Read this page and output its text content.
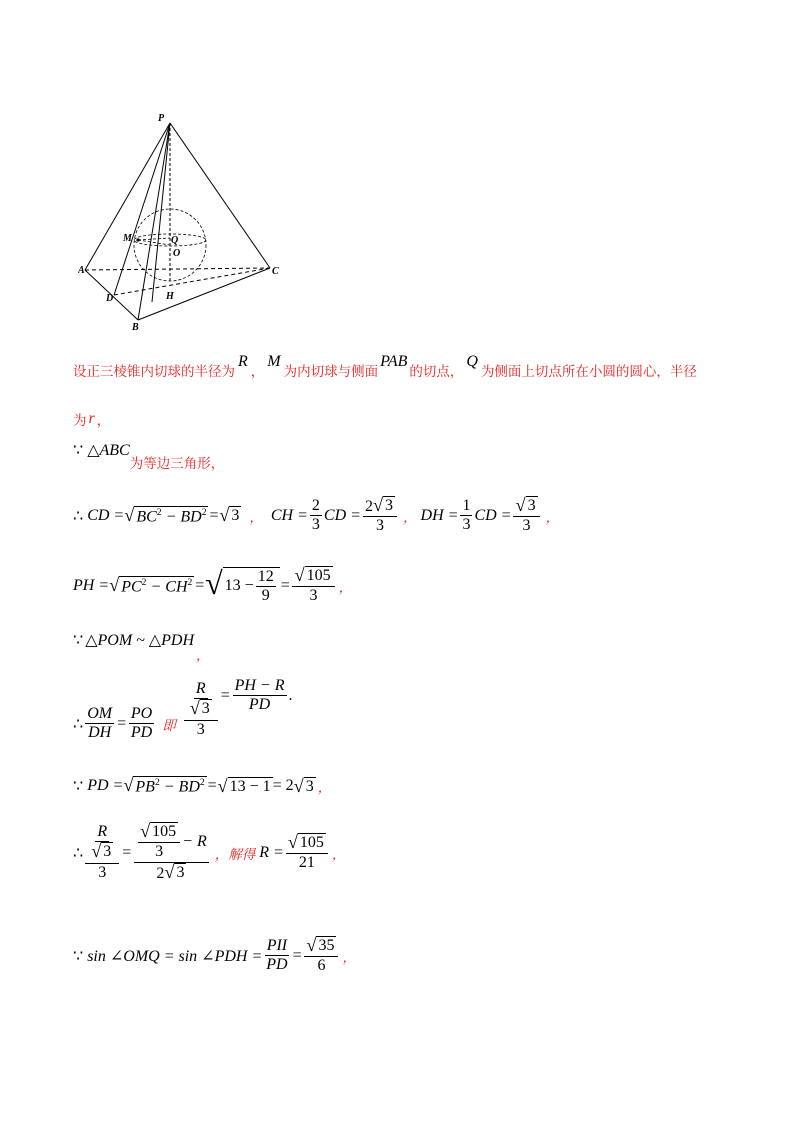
P
A
B
C
D	H
M	Q
O
设正三棱锥内切球的半径为
R
，
M
为内切球与侧面
PAB
的切点，
Q
为侧面上切点所在小圆的圆心，半径
为 r ，
∵ △ABC
为等边三角形，
∴ CD = √ $BC^2 - BD^2$ = √ 3 ， CH = $\frac{2}{3}$ CD = $\frac{2 √ 3}{3}$ ， DH = $\frac{1}{3}$ CD = $\frac{√ 3}{3}$ ，
PH = √ $PC^2 - CH^2$ = √ $13 - \frac{12}{9} = \frac{√ 105}{3}$ ，
∵ △POM ~ △PDH
，
∴ $\frac{OM}{DH} = \frac{PO}{PD}$ 即 $\frac{\frac{R}{√ 3}}{3} = \frac{PH - R}{PD}$ .
∵ PD = √ $PB^2 - BD^2$ = √ 13 − 1 = 2 √ 3 ，
∴ $\frac{\frac{R}{√ 3}}{3} = \frac{\frac{√ 105}{3} - R}{2 √ 3}$ ，解得 $R = \frac{√ 105}{21}$ ，
∵ sin ∠OMQ = sin ∠PDH = $\frac{\text{PII}}{PD} = \frac{√ 35}{6}$ ，
